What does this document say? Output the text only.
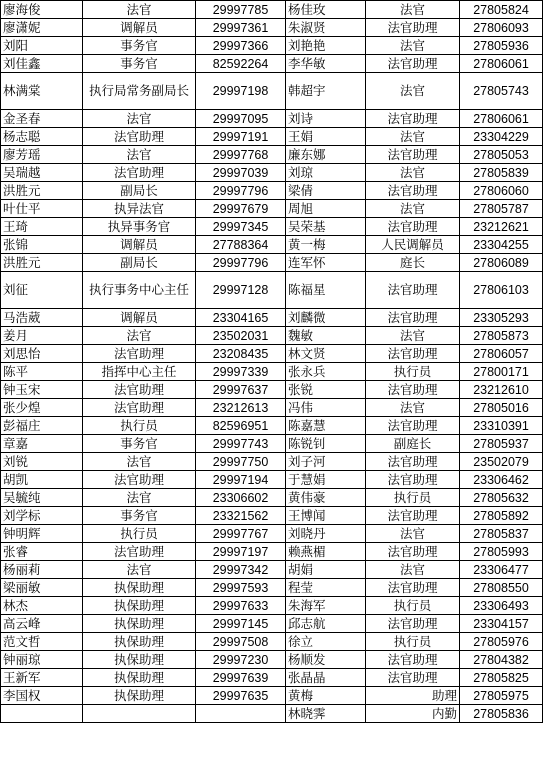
廖海俊	法官	29997785	杨佳玫	法官	27805824
廖潇妮	调解员	29997361	朱淑贤	法官助理	27806093
刘阳	事务官	29997366	刘艳艳	法官	27805936
刘佳鑫	事务官	82592264	李华敏	法官助理	27806061
林满棠	执行局常务副局长	29997198	韩超宇	法官	27805743
金圣春	法官	29997095	刘诗	法官助理	27806061
杨志聪	法官助理	29997191	王娟	法官	23304229
廖芳瑶	法官	29997768	廉东娜	法官助理	27805053
吴瑞越	法官助理	29997039	刘琼	法官	27805839
洪胜元	副局长	29997796	梁倩	法官助理	27806060
叶仕平	执异法官	29997679	周旭	法官	27805787
王琦	执异事务官	29997345	吴荣基	法官助理	23212621
张锦	调解员	27788364	黄一梅	人民调解员	23304255
洪胜元	副局长	29997796	连军怀	庭长	27806089
刘征	执行事务中心主任	29997128	陈福星	法官助理	27806103
马浩葳	调解员	23304165	刘麟微	法官助理	23305293
姜月	法官	23502031	魏敏	法官	27805873
刘思怡	法官助理	23208435	林文贤	法官助理	27806057
陈平	指挥中心主任	29997339	张永兵	执行员	27800171
钟玉宋	法官助理	29997637	张锐	法官助理	23212610
张少煌	法官助理	23212613	冯伟	法官	27805016
彭福庄	执行员	82596951	陈嘉慧	法官助理	23310391
章嘉	事务官	29997743	陈锐钊	副庭长	27805937
刘锐	法官	29997750	刘子河	法官助理	23502079
胡凯	法官助理	29997194	于慧娟	法官助理	23306462
吴毓纯	法官	23306602	黄伟豪	执行员	27805632
刘学标	事务官	23321562	王博闻	法官助理	27805892
钟明辉	执行员	29997767	刘晓丹	法官	27805837
张睿	法官助理	29997197	赖燕楣	法官助理	27805993
杨丽莉	法官	29997342	胡娟	法官	23306477
梁丽敏	执保助理	29997593	程莹	法官助理	27808550
林杰	执保助理	29997633	朱海军	执行员	23306493
高云峰	执保助理	29997145	邱志航	法官助理	23304157
范文哲	执保助理	29997508	徐立	执行员	27805976
钟丽琼	执保助理	29997230	杨顺发	法官助理	27804382
王新军	执保助理	29997639	张晶晶	法官助理	27805825
李国权	执保助理	29997635	黄梅	助理	27805975
			林晓霁	内勤	27805836
